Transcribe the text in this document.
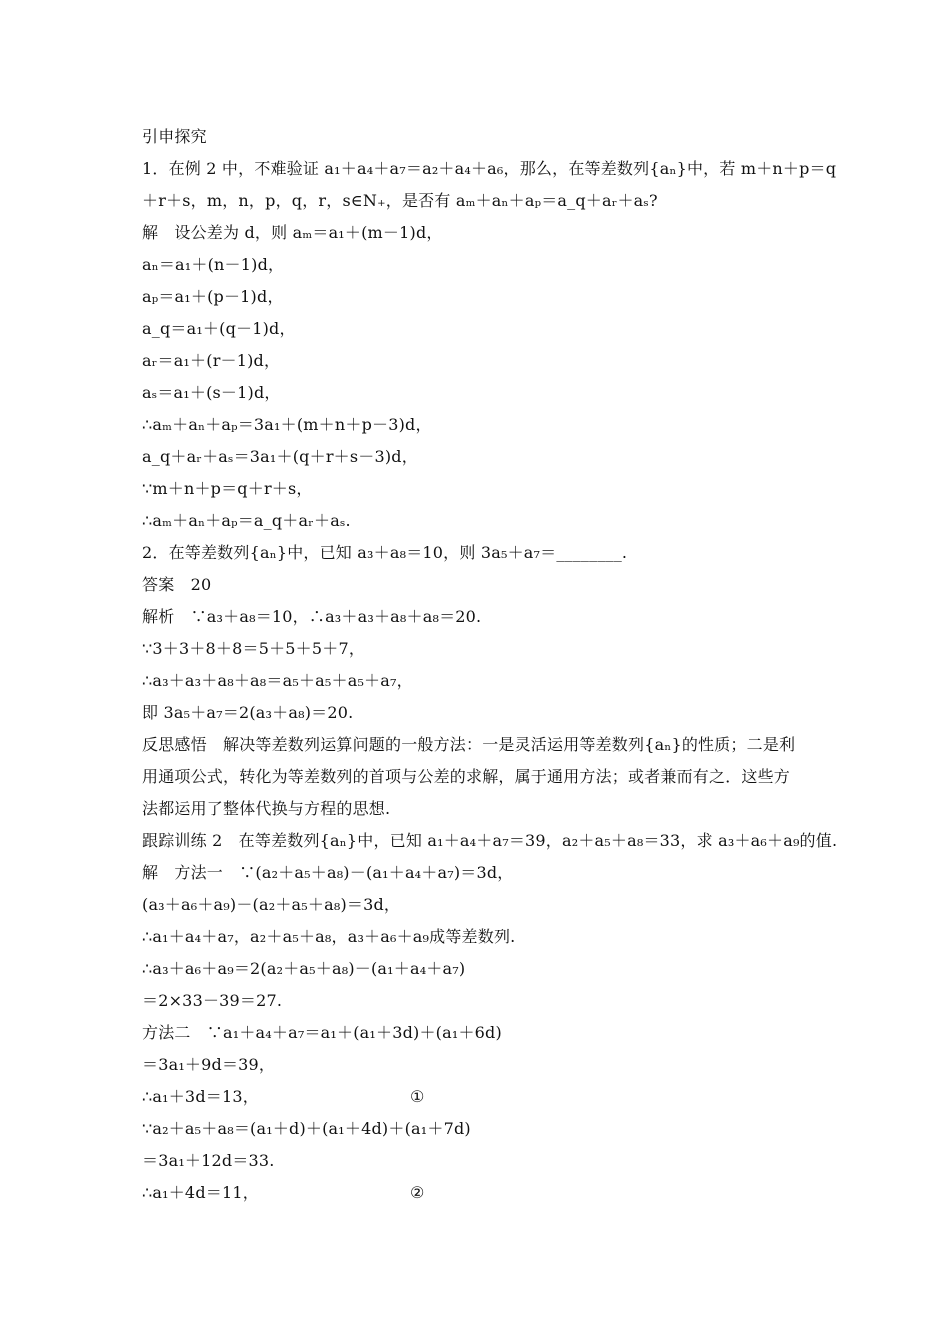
引申探究
1．在例 2 中，不难验证 a₁＋a₄＋a₇＝a₂＋a₄＋a₆，那么，在等差数列{aₙ}中，若 m＋n＋p＝q
＋r＋s，m，n，p，q，r，s∈N₊，是否有 aₘ＋aₙ＋aₚ＝a_q＋aᵣ＋aₛ?
解　设公差为 d，则 aₘ＝a₁＋(m－1)d，
aₙ＝a₁＋(n－1)d，
aₚ＝a₁＋(p－1)d，
a_q＝a₁＋(q－1)d，
aᵣ＝a₁＋(r－1)d，
aₛ＝a₁＋(s－1)d，
∴aₘ＋aₙ＋aₚ＝3a₁＋(m＋n＋p－3)d，
a_q＋aᵣ＋aₛ＝3a₁＋(q＋r＋s－3)d，
∵m＋n＋p＝q＋r＋s，
∴aₘ＋aₙ＋aₚ＝a_q＋aᵣ＋aₛ.
2．在等差数列{aₙ}中，已知 a₃＋a₈＝10，则 3a₅＋a₇＝________.
答案　20
解析　∵a₃＋a₈＝10，∴a₃＋a₃＋a₈＋a₈＝20.
∵3＋3＋8＋8＝5＋5＋5＋7，
∴a₃＋a₃＋a₈＋a₈＝a₅＋a₅＋a₅＋a₇，
即 3a₅＋a₇＝2(a₃＋a₈)＝20.
反思感悟　解决等差数列运算问题的一般方法：一是灵活运用等差数列{aₙ}的性质；二是利
用通项公式，转化为等差数列的首项与公差的求解，属于通用方法；或者兼而有之．这些方
法都运用了整体代换与方程的思想.
跟踪训练 2　在等差数列{aₙ}中，已知 a₁＋a₄＋a₇＝39，a₂＋a₅＋a₈＝33，求 a₃＋a₆＋a₉的值.
解　方法一　∵(a₂＋a₅＋a₈)－(a₁＋a₄＋a₇)＝3d，
(a₃＋a₆＋a₉)－(a₂＋a₅＋a₈)＝3d，
∴a₁＋a₄＋a₇，a₂＋a₅＋a₈，a₃＋a₆＋a₉成等差数列.
∴a₃＋a₆＋a₉＝2(a₂＋a₅＋a₈)－(a₁＋a₄＋a₇)
＝2×33－39＝27.
方法二　∵a₁＋a₄＋a₇＝a₁＋(a₁＋3d)＋(a₁＋6d)
＝3a₁＋9d＝39，
∴a₁＋3d＝13，
∵a₂＋a₅＋a₈＝(a₁＋d)＋(a₁＋4d)＋(a₁＋7d)
＝3a₁＋12d＝33.
∴a₁＋4d＝11，
①
②
